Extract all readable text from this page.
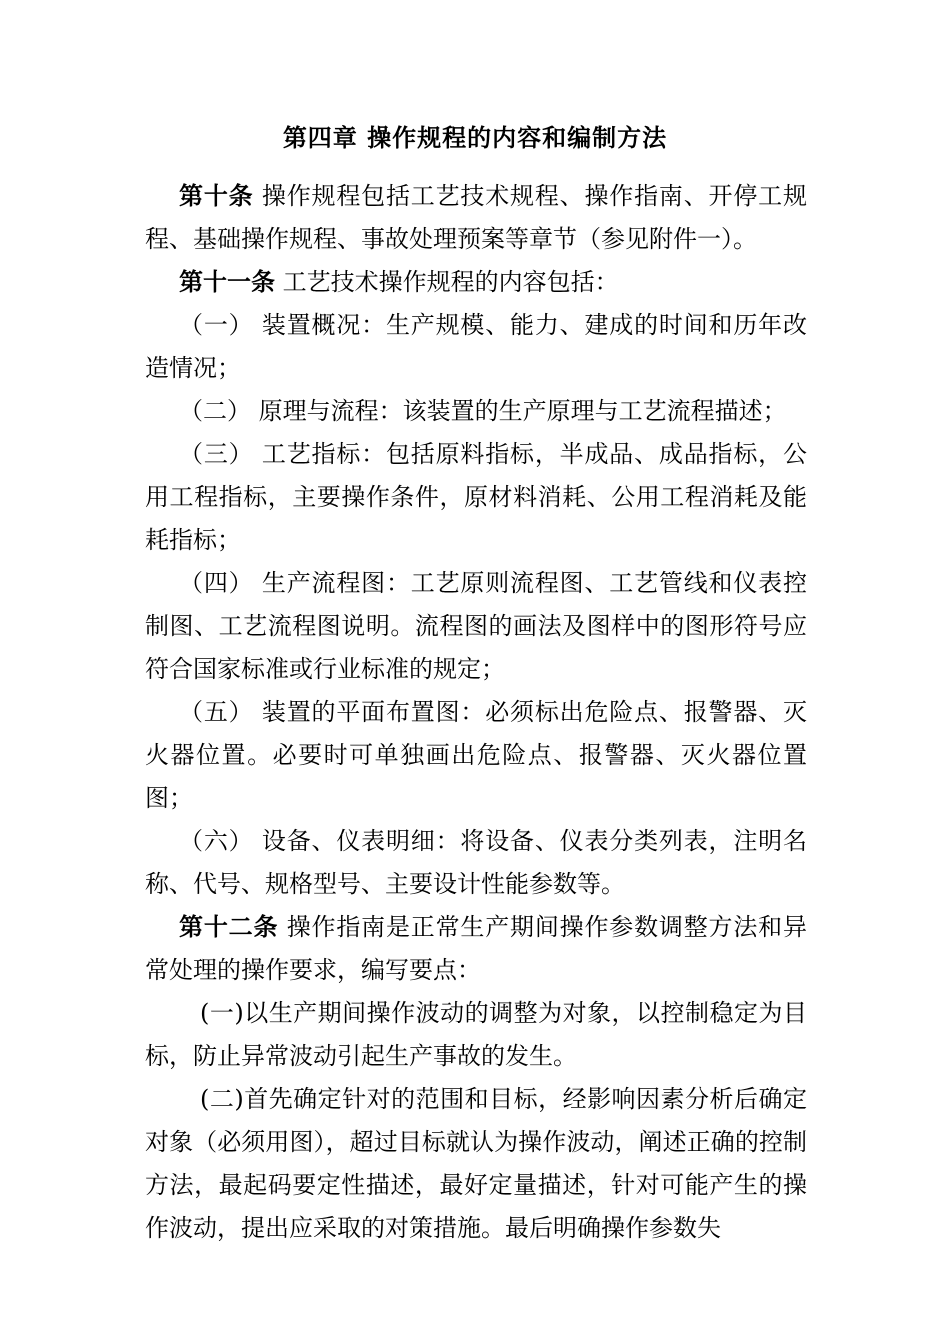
第四章 操作规程的内容和编制方法

第十条 操作规程包括工艺技术规程、操作指南、开停工规程、基础操作规程、事故处理预案等章节（参见附件一）。

第十一条 工艺技术操作规程的内容包括：

（一） 装置概况：生产规模、能力、建成的时间和历年改造情况；

（二） 原理与流程：该装置的生产原理与工艺流程描述；

（三） 工艺指标：包括原料指标，半成品、成品指标，公用工程指标，主要操作条件，原材料消耗、公用工程消耗及能耗指标；

（四） 生产流程图：工艺原则流程图、工艺管线和仪表控制图、工艺流程图说明。流程图的画法及图样中的图形符号应符合国家标准或行业标准的规定；

（五） 装置的平面布置图：必须标出危险点、报警器、灭火器位置。必要时可单独画出危险点、报警器、灭火器位置图；

（六） 设备、仪表明细：将设备、仪表分类列表，注明名称、代号、规格型号、主要设计性能参数等。

第十二条 操作指南是正常生产期间操作参数调整方法和异常处理的操作要求，编写要点：

(一)以生产期间操作波动的调整为对象，以控制稳定为目标，防止异常波动引起生产事故的发生。

(二)首先确定针对的范围和目标，经影响因素分析后确定对象（必须用图），超过目标就认为操作波动，阐述正确的控制方法，最起码要定性描述，最好定量描述，针对可能产生的操作波动，提出应采取的对策措施。最后明确操作参数失
